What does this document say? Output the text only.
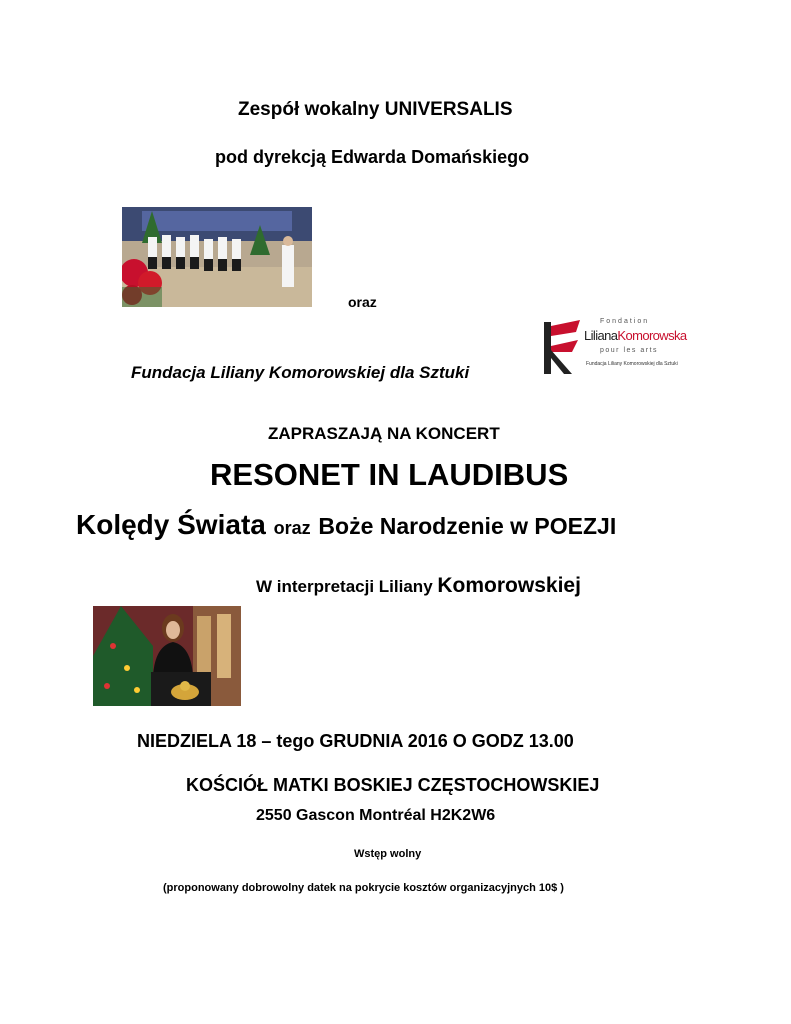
Zespół wokalny UNIVERSALIS
pod dyrekcją Edwarda Domańskiego
oraz
Fondation
LilianaKomorowska
pour les arts
Fundacja Liliany Komorowskiej dla Sztuki
Fundacja Liliany Komorowskiej dla Sztuki
ZAPRASZAJĄ NA KONCERT
RESONET IN LAUDIBUS
Kolędy Świata oraz Boże Narodzenie w POEZJI
W interpretacji Liliany Komorowskiej
NIEDZIELA 18 – tego GRUDNIA 2016 O GODZ 13.00
KOŚCIÓŁ MATKI BOSKIEJ CZĘSTOCHOWSKIEJ
2550 Gascon Montréal H2K2W6
Wstęp wolny
(proponowany dobrowolny datek na pokrycie kosztów organizacyjnych 10$ )
